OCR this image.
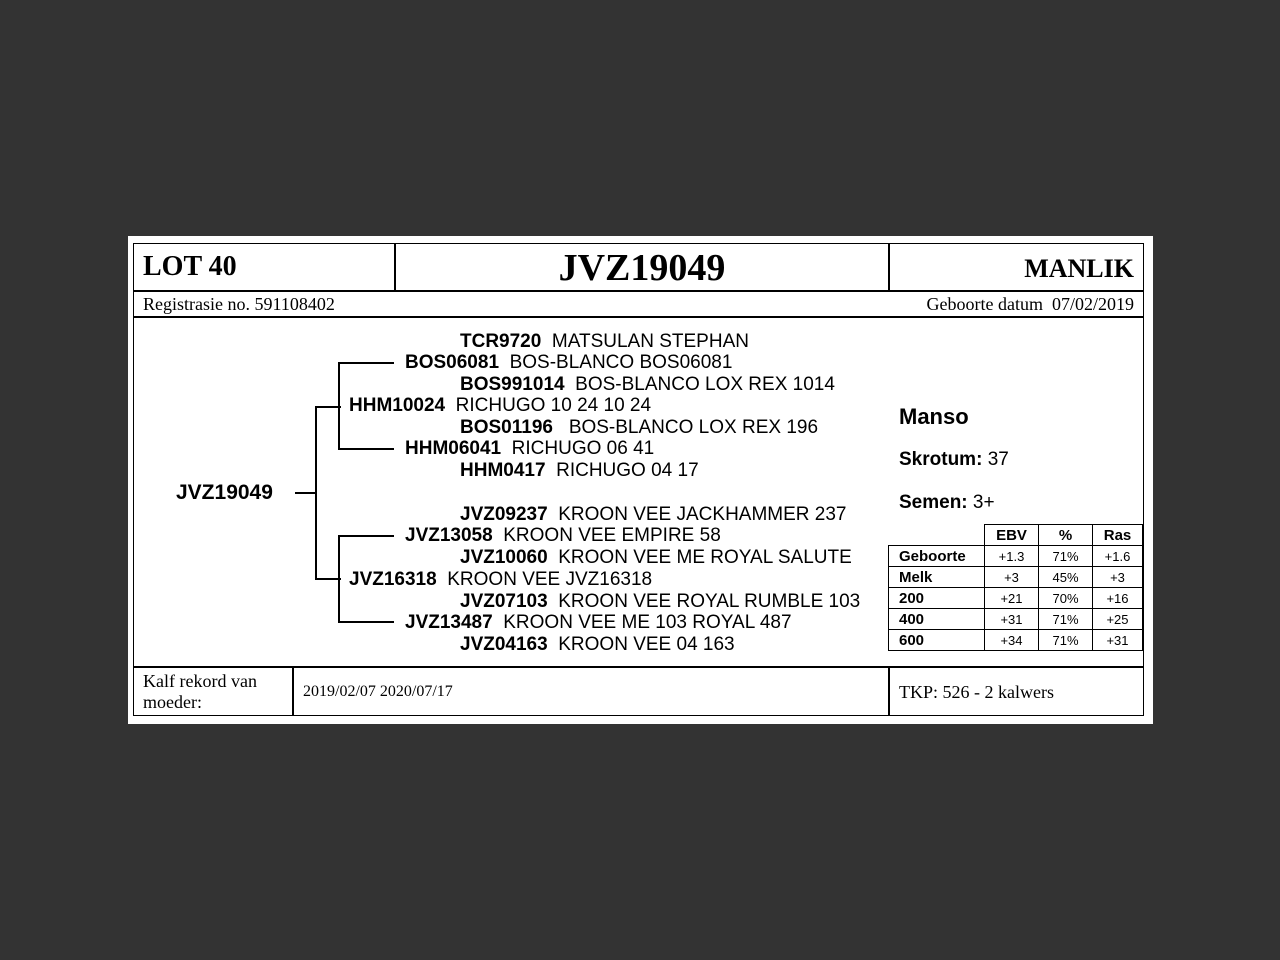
LOT 40	JVZ19049	MANLIK
Registrasie no. 591108402	Geboorte datum 07/02/2019
JVZ19049
TCR9720 MATSULAN STEPHAN
BOS06081 BOS-BLANCO BOS06081
BOS991014 BOS-BLANCO LOX REX 1014
HHM10024 RICHUGO 10 24 10 24
BOS01196 BOS-BLANCO LOX REX 196
HHM06041 RICHUGO 06 41
HHM0417 RICHUGO 04 17
JVZ09237 KROON VEE JACKHAMMER 237
JVZ13058 KROON VEE EMPIRE 58
JVZ10060 KROON VEE ME ROYAL SALUTE
JVZ16318 KROON VEE JVZ16318
JVZ07103 KROON VEE ROYAL RUMBLE 103
JVZ13487 KROON VEE ME 103 ROYAL 487
JVZ04163 KROON VEE 04 163
Manso
Skrotum: 37
Semen: 3+
	EBV	%	Ras
Geboorte	+1.3	71%	+1.6
Melk	+3	45%	+3
200	+21	70%	+16
400	+31	71%	+25
600	+34	71%	+31
Kalf rekord van moeder:
2019/02/07 2020/07/17	TKP: 526 - 2 kalwers
